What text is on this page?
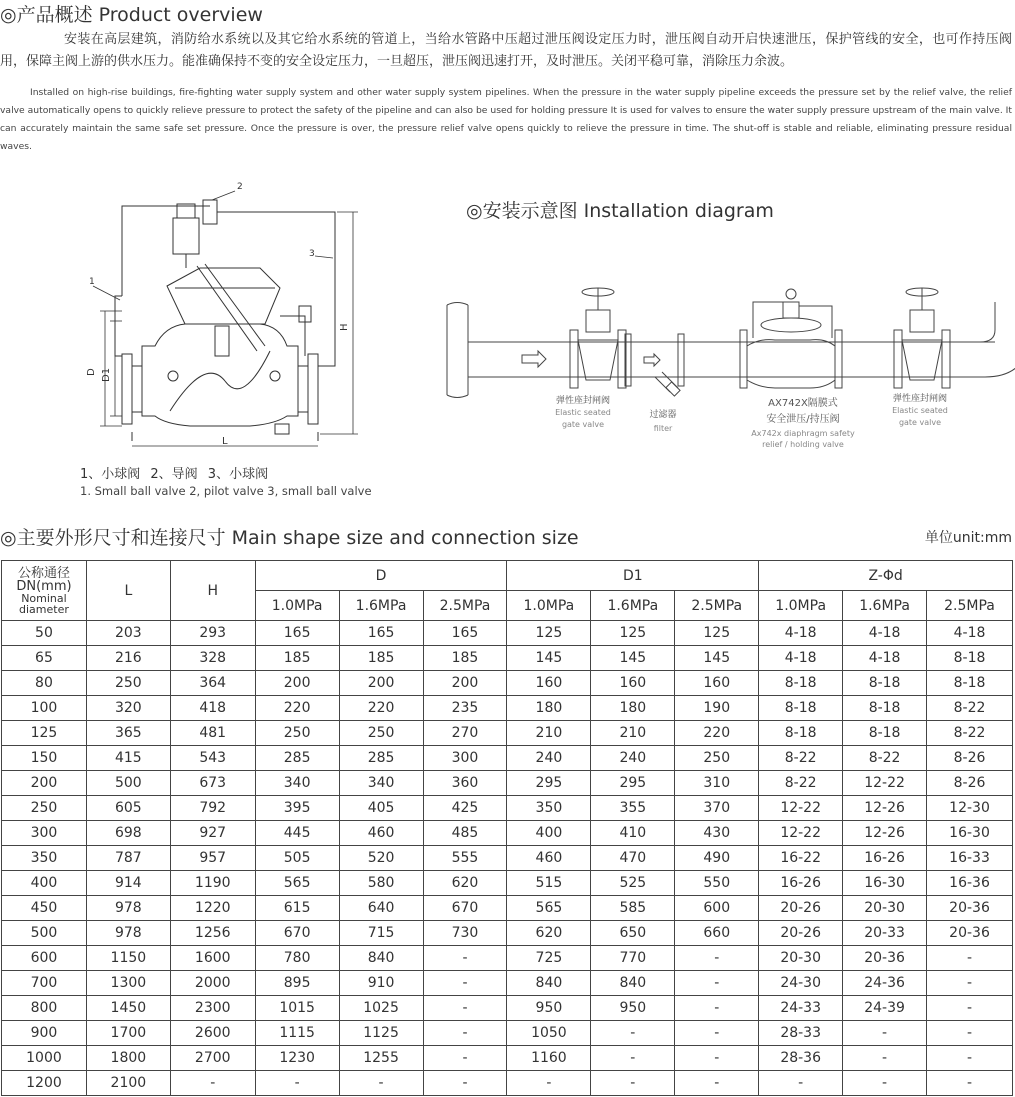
◎产品概述 Product overview

安装在高层建筑，消防给水系统以及其它给水系统的管道上，当给水管路中压超过泄压阀设定压力时，泄压阀自动开启快速泄压，保护管线的安全，也可作持压阀用，保障主阀上游的供水压力。能准确保持不变的安全设定压力，一旦超压，泄压阀迅速打开，及时泄压。关闭平稳可靠，消除压力余波。

Installed on high-rise buildings, fire-fighting water supply system and other water supply system pipelines. When the pressure in the water supply pipeline exceeds the pressure set by the relief valve, the relief valve automatically opens to quickly relieve pressure to protect the safety of the pipeline and can also be used for holding pressure It is used for valves to ensure the water supply pressure upstream of the main valve. It can accurately maintain the same safe set pressure. Once the pressure is over, the pressure relief valve opens quickly to relieve the pressure in time. The shut-off is stable and reliable, eliminating pressure residual waves.

1
2
3
D D1
H
L
1、小球阀 2、导阀 3、小球阀
1. Small ball valve 2, pilot valve 3, small ball valve
◎安装示意图 Installation diagram
弹性座封闸阀
Elastic seated
gate valve
过滤器
filter
AX742X隔膜式
安全泄压/持压阀
Ax742x diaphragm safety
relief / holding valve
弹性座封闸阀
Elastic seated
gate valve
◎主要外形尺寸和连接尺寸 Main shape size and connection size	单位unit:mm
公称通径
DN(mm)
Nominal
diameter	L	H	D			D1			Z-Φd		
			1.0MPa	1.6MPa	2.5MPa	1.0MPa	1.6MPa	2.5MPa	1.0MPa	1.6MPa	2.5MPa
50	203	293	165	165	165	125	125	125	4-18	4-18	4-18
65	216	328	185	185	185	145	145	145	4-18	4-18	8-18
80	250	364	200	200	200	160	160	160	8-18	8-18	8-18
100	320	418	220	220	235	180	180	190	8-18	8-18	8-22
125	365	481	250	250	270	210	210	220	8-18	8-18	8-22
150	415	543	285	285	300	240	240	250	8-22	8-22	8-26
200	500	673	340	340	360	295	295	310	8-22	12-22	8-26
250	605	792	395	405	425	350	355	370	12-22	12-26	12-30
300	698	927	445	460	485	400	410	430	12-22	12-26	16-30
350	787	957	505	520	555	460	470	490	16-22	16-26	16-33
400	914	1190	565	580	620	515	525	550	16-26	16-30	16-36
450	978	1220	615	640	670	565	585	600	20-26	20-30	20-36
500	978	1256	670	715	730	620	650	660	20-26	20-33	20-36
600	1150	1600	780	840	-	725	770	-	20-30	20-36	-
700	1300	2000	895	910	-	840	840	-	24-30	24-36	-
800	1450	2300	1015	1025	-	950	950	-	24-33	24-39	-
900	1700	2600	1115	1125	-	1050	-	-	28-33	-	-
1000	1800	2700	1230	1255	-	1160	-	-	28-36	-	-
1200	2100	-	-	-	-	-	-	-	-	-	-
